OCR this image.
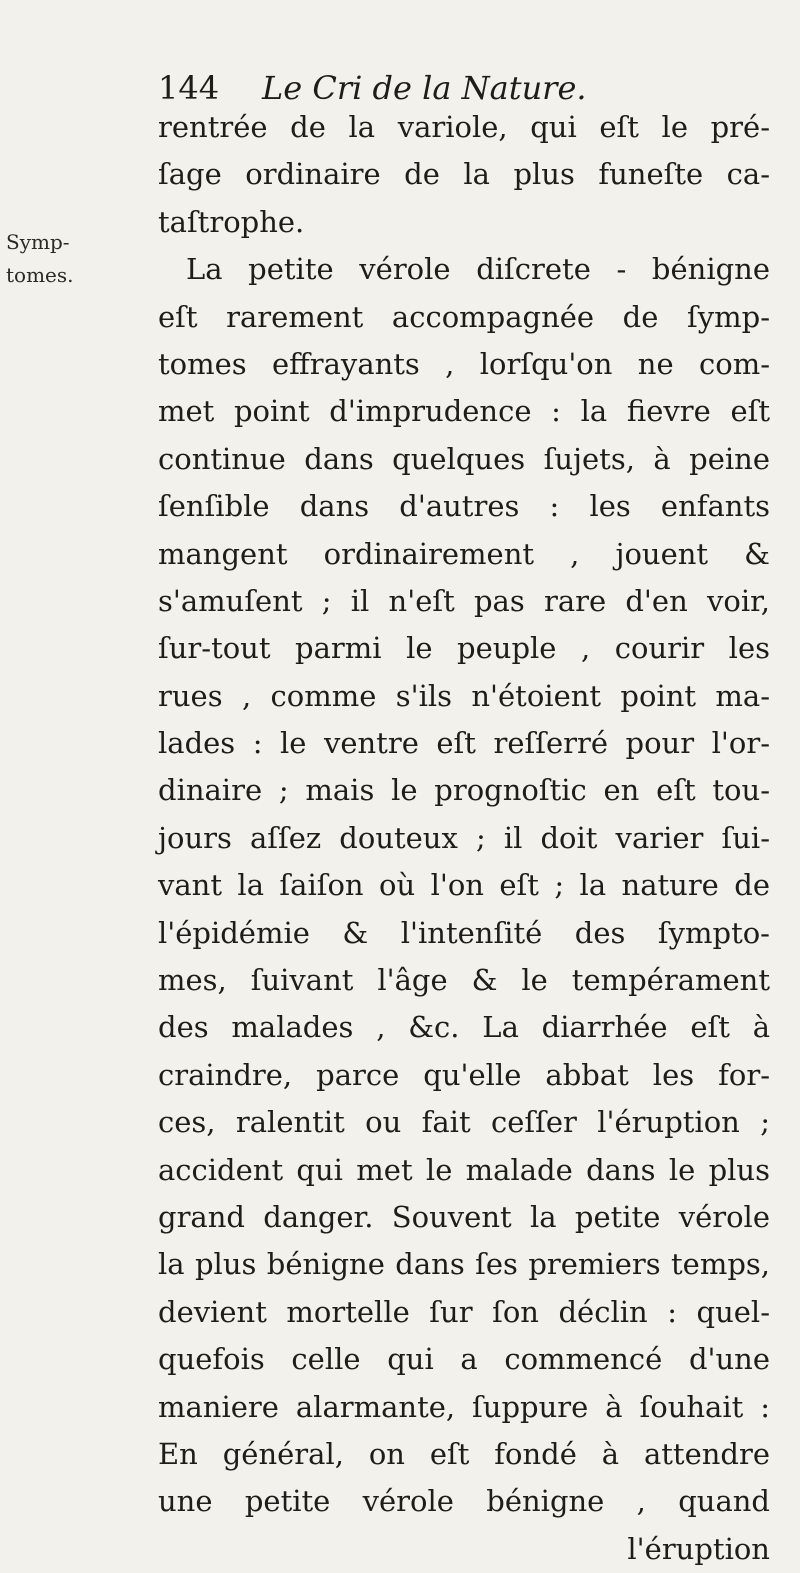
144 Le Cri de la Nature.
Symp-
tomes.
rentrée de la variole, qui eſt le pré-
ſage ordinaire de la plus funeſte ca-
taſtrophe.
La petite vérole diſcrete - bénigne
eſt rarement accompagnée de ſymp-
tomes effrayants , lorſqu'on ne com-
met point d'imprudence : la fievre eſt
continue dans quelques ſujets, à peine
ſenſible dans d'autres : les enfants
mangent ordinairement , jouent &
s'amuſent ; il n'eſt pas rare d'en voir,
ſur-tout parmi le peuple , courir les
rues , comme s'ils n'étoient point ma-
lades : le ventre eſt reſſerré pour l'or-
dinaire ; mais le prognoſtic en eſt tou-
jours aſſez douteux ; il doit varier ſui-
vant la ſaiſon où l'on eſt ; la nature de
l'épidémie & l'intenſité des ſympto-
mes, ſuivant l'âge & le tempérament
des malades , &c. La diarrhée eſt à
craindre, parce qu'elle abbat les for-
ces, ralentit ou fait ceſſer l'éruption ;
accident qui met le malade dans le plus
grand danger. Souvent la petite vérole
la plus bénigne dans ſes premiers temps,
devient mortelle ſur ſon déclin : quel-
quefois celle qui a commencé d'une
maniere alarmante, ſuppure à ſouhait :
En général, on eſt fondé à attendre
une petite vérole bénigne , quand
l'éruption
